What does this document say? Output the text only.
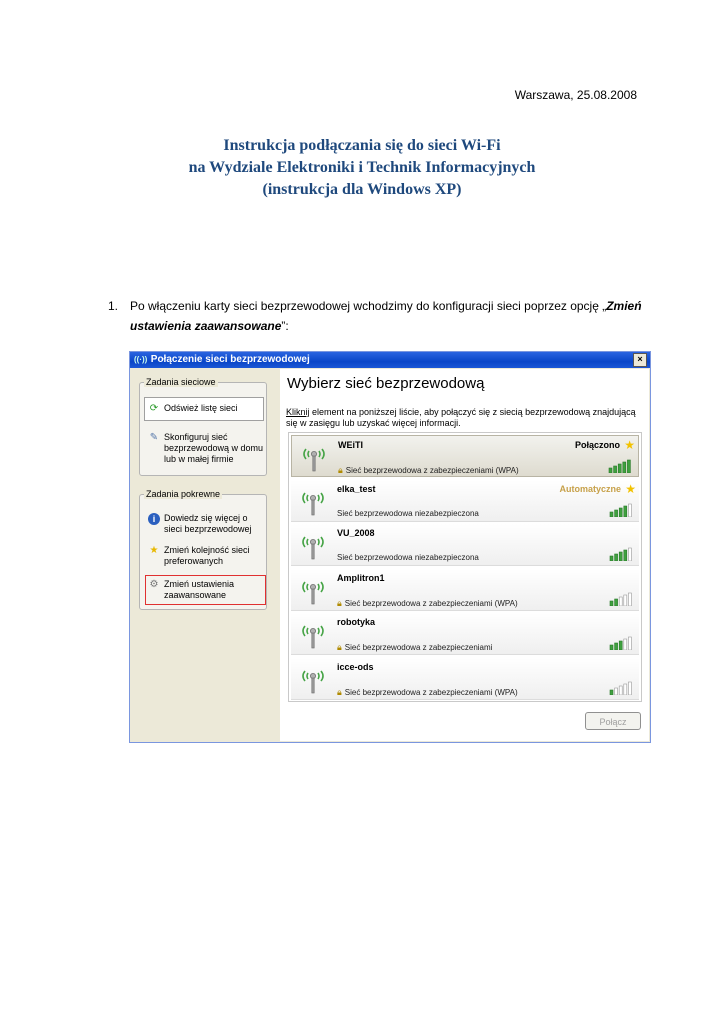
Warszawa, 25.08.2008
Instrukcja podłączania się do sieci Wi-Fi
na Wydziale Elektroniki i Technik Informacyjnych
(instrukcja dla Windows XP)
1. Po włączeniu karty sieci bezprzewodowej wchodzimy do konfiguracji sieci poprzez opcję „Zmień ustawienia zaawansowane”:
((·)) Połączenie sieci bezprzewodowej	×
Zadania sieciowe
⟳ Odśwież listę sieci
✎ Skonfiguruj sieć bezprzewodową w domu lub w małej firmie
Zadania pokrewne
i Dowiedz się więcej o sieci bezprzewodowej
★ Zmień kolejność sieci preferowanych
⚙ Zmień ustawienia zaawansowane
Wybierz sieć bezprzewodową
Kliknij element na poniższej liście, aby połączyć się z siecią bezprzewodową znajdującą się w zasięgu lub uzyskać więcej informacji.
WEiTI
🔒︎ Sieć bezprzewodowa z zabezpieczeniami (WPA)
Połączono ★
elka_test
Sieć bezprzewodowa niezabezpieczona
Automatyczne ★
VU_2008
Sieć bezprzewodowa niezabezpieczona
Amplitron1
🔒︎ Sieć bezprzewodowa z zabezpieczeniami (WPA)
robotyka
🔒︎ Sieć bezprzewodowa z zabezpieczeniami
icce-ods
🔒︎ Sieć bezprzewodowa z zabezpieczeniami (WPA)
Połącz
